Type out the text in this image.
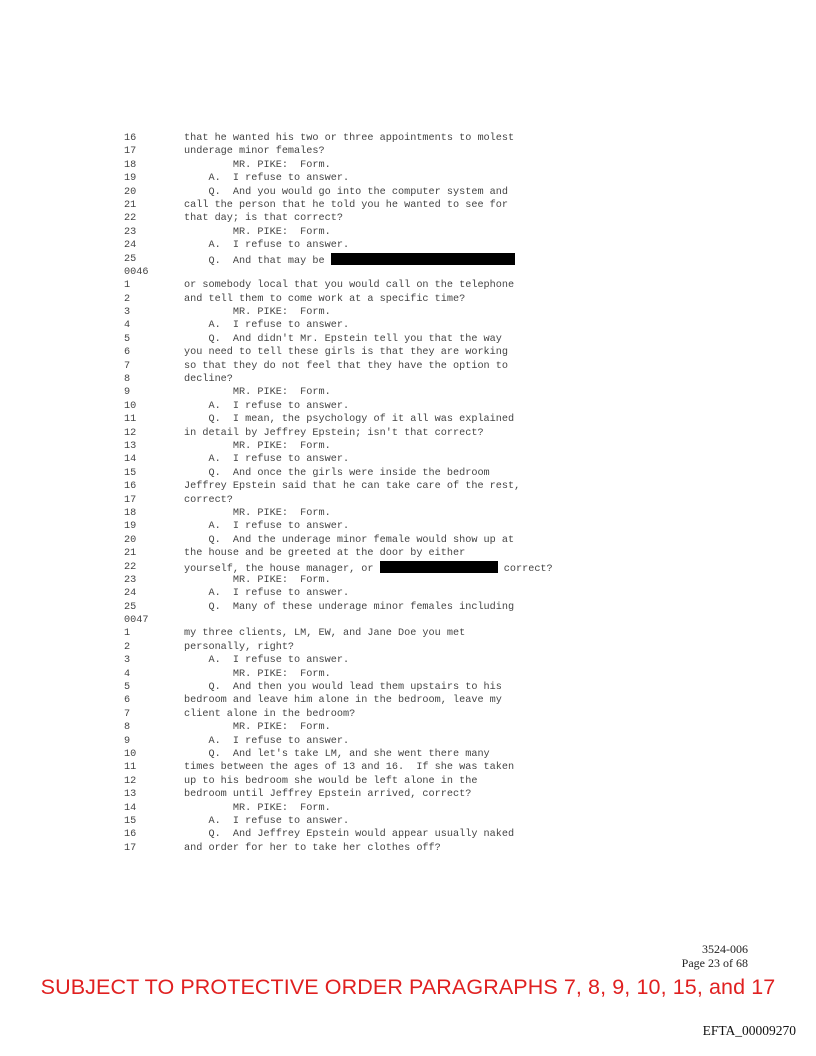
16	that he wanted his two or three appointments to molest
17	underage minor females?
18	MR. PIKE:  Form.
19	A.  I refuse to answer.
20	Q.  And you would go into the computer system and
21	call the person that he told you he wanted to see for
22	that day; is that correct?
23	MR. PIKE:  Form.
24	A.  I refuse to answer.
25	Q.  And that may be
0046
1	or somebody local that you would call on the telephone
2	and tell them to come work at a specific time?
3	MR. PIKE:  Form.
4	A.  I refuse to answer.
5	Q.  And didn't Mr. Epstein tell you that the way
6	you need to tell these girls is that they are working
7	so that they do not feel that they have the option to
8	decline?
9	MR. PIKE:  Form.
10	A.  I refuse to answer.
11	Q.  I mean, the psychology of it all was explained
12	in detail by Jeffrey Epstein; isn't that correct?
13	MR. PIKE:  Form.
14	A.  I refuse to answer.
15	Q.  And once the girls were inside the bedroom
16	Jeffrey Epstein said that he can take care of the rest,
17	correct?
18	MR. PIKE:  Form.
19	A.  I refuse to answer.
20	Q.  And the underage minor female would show up at
21	the house and be greeted at the door by either
22	yourself, the house manager, or	correct?
23	MR. PIKE:  Form.
24	A.  I refuse to answer.
25	Q.  Many of these underage minor females including
0047
1	my three clients, LM, EW, and Jane Doe you met
2	personally, right?
3	A.  I refuse to answer.
4	MR. PIKE:  Form.
5	Q.  And then you would lead them upstairs to his
6	bedroom and leave him alone in the bedroom, leave my
7	client alone in the bedroom?
8	MR. PIKE:  Form.
9	A.  I refuse to answer.
10	Q.  And let's take LM, and she went there many
11	times between the ages of 13 and 16.  If she was taken
12	up to his bedroom she would be left alone in the
13	bedroom until Jeffrey Epstein arrived, correct?
14	MR. PIKE:  Form.
15	A.  I refuse to answer.
16	Q.  And Jeffrey Epstein would appear usually naked
17	and order for her to take her clothes off?
3524-006
Page 23 of 68
SUBJECT TO PROTECTIVE ORDER PARAGRAPHS 7, 8, 9, 10, 15, and 17
EFTA_00009270
